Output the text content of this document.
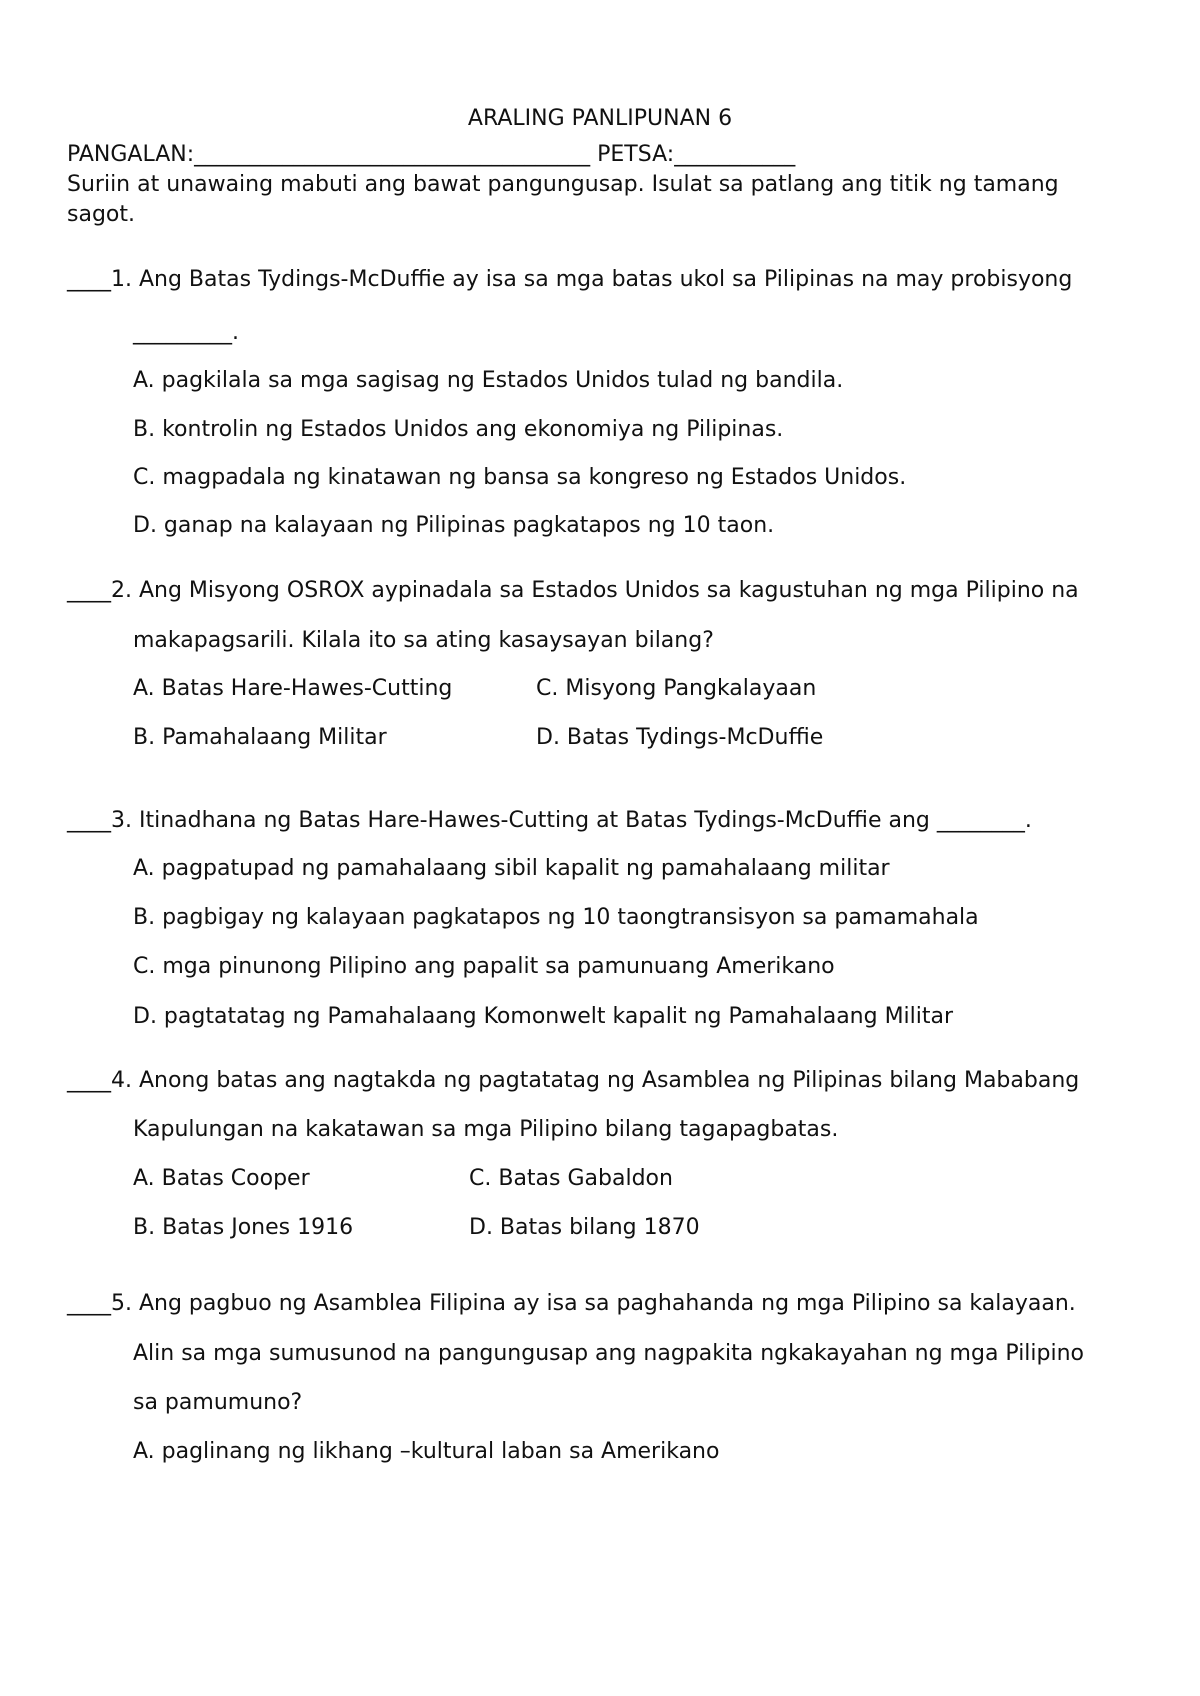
ARALING PANLIPUNAN 6
PANGALAN:____________________________________ PETSA:___________
Suriin at unawaing mabuti ang bawat pangungusap. Isulat sa patlang ang titik ng tamang
sagot.
____1. Ang Batas Tydings-McDuffie ay isa sa mga batas ukol sa Pilipinas na may probisyong
_________.
A. pagkilala sa mga sagisag ng Estados Unidos tulad ng bandila.
B. kontrolin ng Estados Unidos ang ekonomiya ng Pilipinas.
C. magpadala ng kinatawan ng bansa sa kongreso ng Estados Unidos.
D. ganap na kalayaan ng Pilipinas pagkatapos ng 10 taon.
____2. Ang Misyong OSROX aypinadala sa Estados Unidos sa kagustuhan ng mga Pilipino na
makapagsarili. Kilala ito sa ating kasaysayan bilang?
A. Batas Hare-Hawes-Cutting	C. Misyong Pangkalayaan
B. Pamahalaang Militar	D. Batas Tydings-McDuffie
____3. Itinadhana ng Batas Hare-Hawes-Cutting at Batas Tydings-McDuffie ang ________.
A. pagpatupad ng pamahalaang sibil kapalit ng pamahalaang militar
B. pagbigay ng kalayaan pagkatapos ng 10 taongtransisyon sa pamamahala
C. mga pinunong Pilipino ang papalit sa pamunuang Amerikano
D. pagtatatag ng Pamahalaang Komonwelt kapalit ng Pamahalaang Militar
____4. Anong batas ang nagtakda ng pagtatatag ng Asamblea ng Pilipinas bilang Mababang
Kapulungan na kakatawan sa mga Pilipino bilang tagapagbatas.
A. Batas Cooper	C. Batas Gabaldon
B. Batas Jones 1916	D. Batas bilang 1870
____5. Ang pagbuo ng Asamblea Filipina ay isa sa paghahanda ng mga Pilipino sa kalayaan.
Alin sa mga sumusunod na pangungusap ang nagpakita ngkakayahan ng mga Pilipino
sa pamumuno?
A. paglinang ng likhang –kultural laban sa Amerikano
